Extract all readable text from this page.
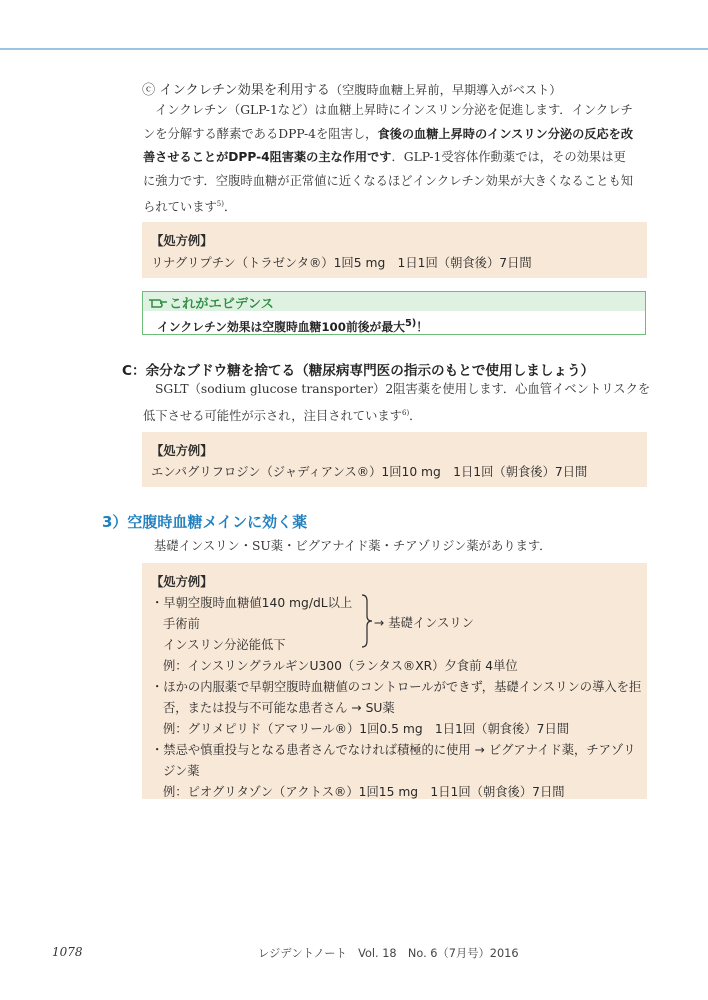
ⓒ インクレチン効果を利用する（空腹時血糖上昇前，早期導入がベスト）
インクレチン（GLP-1など）は血糖上昇時にインスリン分泌を促進します．インクレチ
ンを分解する酵素であるDPP-4を阻害し，食後の血糖上昇時のインスリン分泌の反応を改
善させることがDPP-4阻害薬の主な作用です．GLP-1受容体作動薬では，その効果は更
に強力です．空腹時血糖が正常値に近くなるほどインクレチン効果が大きくなることも知
られています$^{5)}$．
【処方例】
リナグリプチン（トラゼンタ®）1回5 mg　1日1回（朝食後）7日間
これがエビデンス
インクレチン効果は空腹時血糖100前後が最大$^{5)}$！
C：余分なブドウ糖を捨てる（糖尿病専門医の指示のもとで使用しましょう）
SGLT（sodium glucose transporter）2阻害薬を使用します．心血管イベントリスクを
低下させる可能性が示され，注目されています$^{6)}$．
【処方例】
エンパグリフロジン（ジャディアンス®）1回10 mg　1日1回（朝食後）7日間
3）空腹時血糖メインに効く薬
基礎インスリン・SU薬・ビグアナイド薬・チアゾリジン薬があります．
【処方例】
・早朝空腹時血糖値140 mg/dL以上
手術前
インスリン分泌能低下
→ 基礎インスリン
例：インスリングラルギンU300（ランタス®XR）夕食前 4単位
・ほかの内服薬で早朝空腹時血糖値のコントロールができず，基礎インスリンの導入を拒
否，または投与不可能な患者さん → SU薬
例：グリメピリド（アマリール®）1回0.5 mg　1日1回（朝食後）7日間
・禁忌や慎重投与となる患者さんでなければ積極的に使用 → ビグアナイド薬，チアゾリ
ジン薬
例：ピオグリタゾン（アクトス®）1回15 mg　1日1回（朝食後）7日間
1078	レジデントノート　Vol. 18　No. 6（7月号）2016
